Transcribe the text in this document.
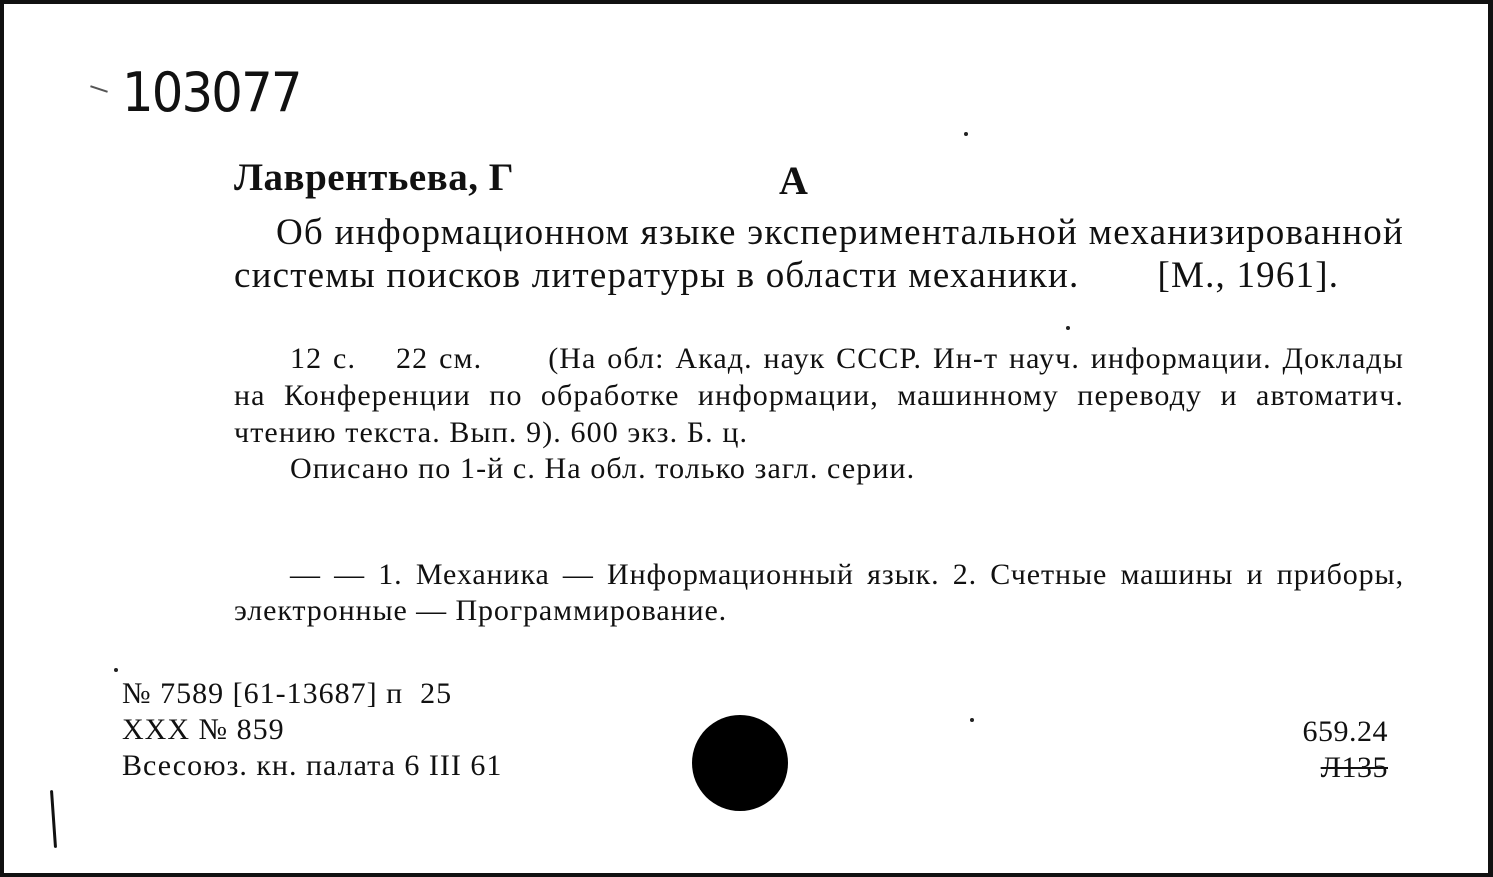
103077
Лаврентьева, Г	А
Об информационном языке экспериментальной механизированной системы поисков литературы в области механики. [М., 1961].
12 с. 22 см. (На обл: Акад. наук СССР. Ин-т науч. информации. Доклады на Конференции по обработке информации, машинному переводу и автоматич. чтению текста. Вып. 9). 600 экз. Б. ц.
Описано по 1-й с. На обл. только загл. серии.
— — 1. Механика — Информационный язык. 2. Счетные машины и приборы, электронные — Программирование.
№ 7589 [61-13687] п  25
XXX № 859
Всесоюз. кн. палата 6 III 61
659.24
Л135
